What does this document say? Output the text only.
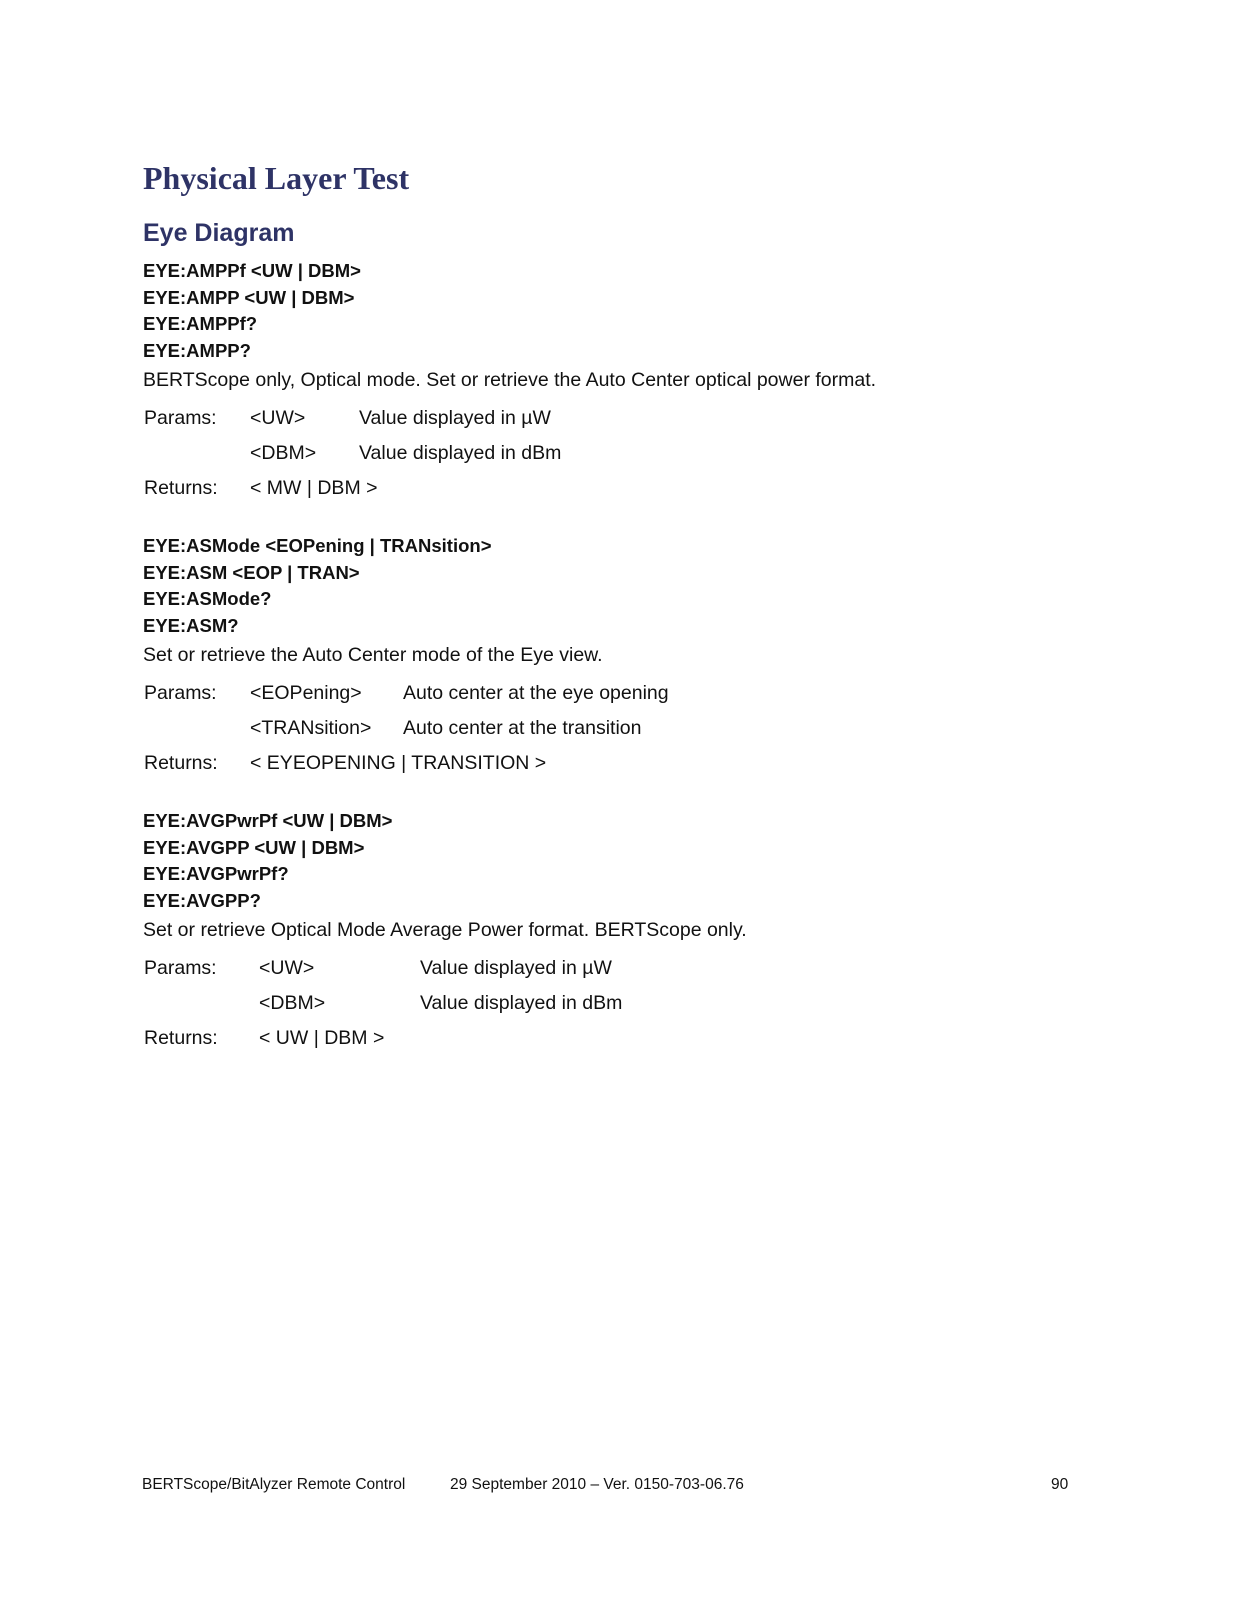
Physical Layer Test
Eye Diagram
EYE:AMPPf <UW | DBM>
EYE:AMPP <UW | DBM>
EYE:AMPPf?
EYE:AMPP?
BERTScope only, Optical mode. Set or retrieve the Auto Center optical power format.
Params: <UW>	Value displayed in µW
<DBM> Value displayed in dBm
Returns: < MW | DBM >
EYE:ASMode <EOPening | TRANsition>
EYE:ASM <EOP | TRAN>
EYE:ASMode?
EYE:ASM?
Set or retrieve the Auto Center mode of the Eye view.
Params: <EOPening> Auto center at the eye opening
<TRANsition> Auto center at the transition
Returns: < EYEOPENING | TRANSITION >
EYE:AVGPwrPf <UW | DBM>
EYE:AVGPP <UW | DBM>
EYE:AVGPwrPf?
EYE:AVGPP?
Set or retrieve Optical Mode Average Power format. BERTScope only.
Params: <UW>	Value displayed in µW
<DBM>	Value displayed in dBm
Returns: < UW | DBM >
BERTScope/BitAlyzer Remote Control	29 September 2010 – Ver. 0150-703-06.76	90
